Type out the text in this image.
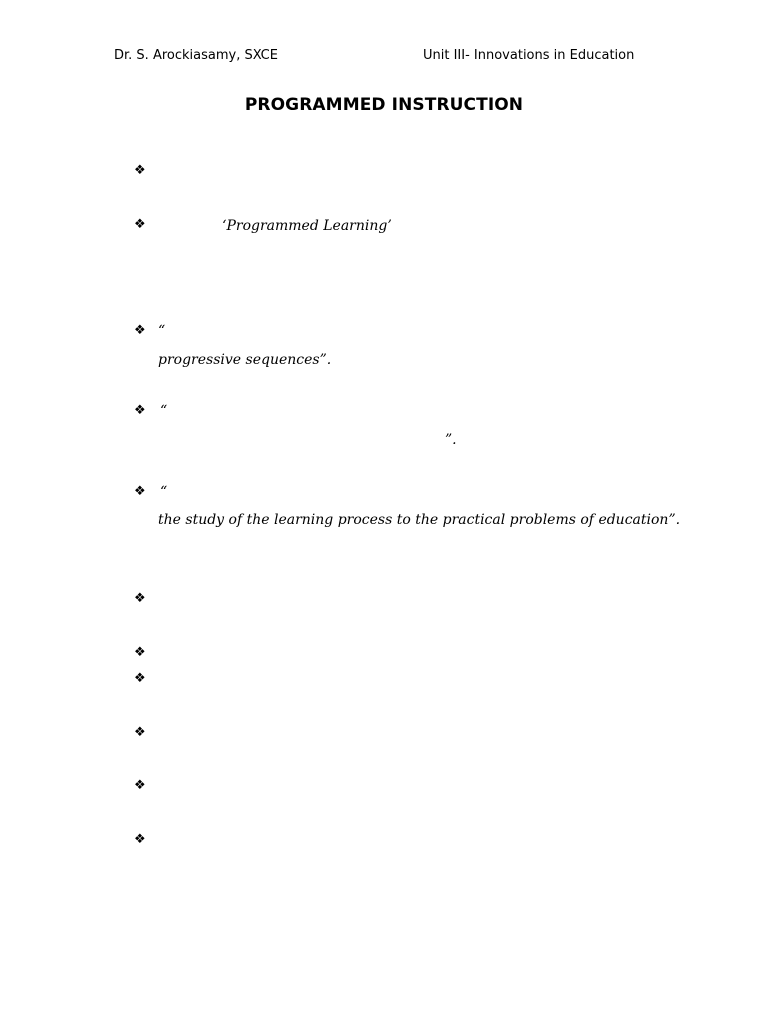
Dr. S. Arockiasamy, SXCE	Unit III- Innovations in Education
PROGRAMMED INSTRUCTION
❖
❖
❖
❖
❖
❖
❖
❖
❖
❖
❖
‘Programmed Learning’
“
progressive sequences”.
“
”.
“
the study of the learning process to the practical problems of education”.
